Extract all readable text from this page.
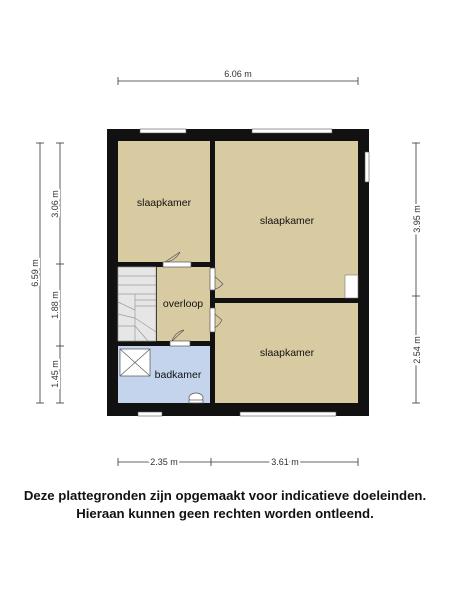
6.06 m
2.35 m	3.61 m
6.59 m
3.06 m
1.88 m
1.45 m
3.95 m
2.54 m
slaapkamer
slaapkamer
overloop
badkamer
slaapkamer
Deze plattegronden zijn opgemaakt voor indicatieve doeleinden.
Hieraan kunnen geen rechten worden ontleend.
